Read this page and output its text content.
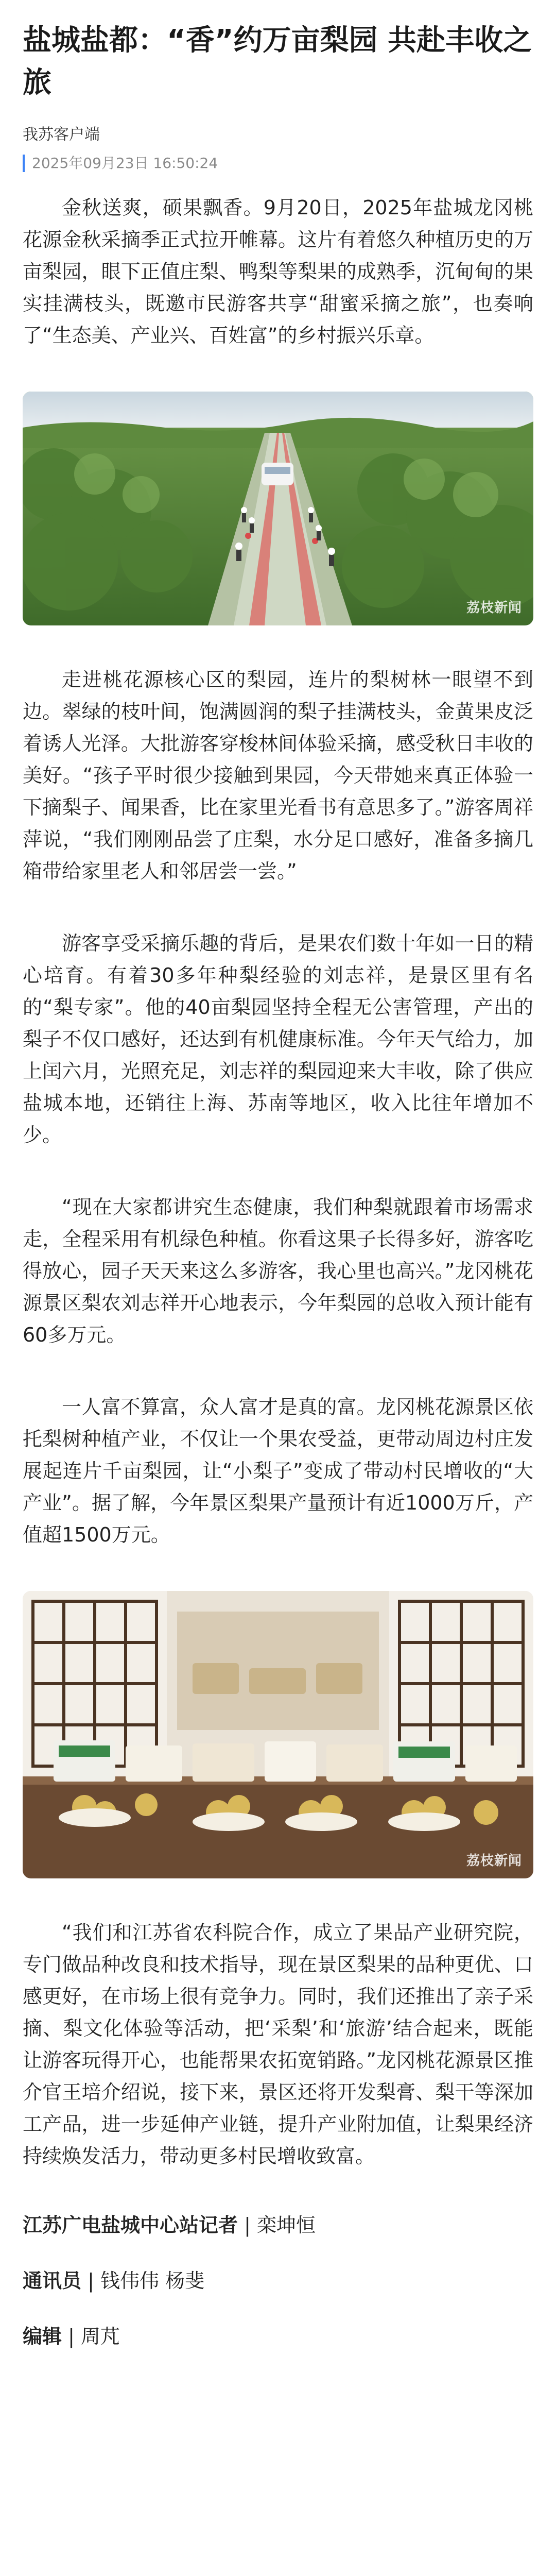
盐城盐都：“香”约万亩梨园 共赴丰收之旅
我苏客户端
2025年09月23日 16:50:24

金秋送爽，硕果飘香。9月20日，2025年盐城龙冈桃花源金秋采摘季正式拉开帷幕。这片有着悠久种植历史的万亩梨园，眼下正值庄梨、鸭梨等梨果的成熟季，沉甸甸的果实挂满枝头，既邀市民游客共享“甜蜜采摘之旅”，也奏响了“生态美、产业兴、百姓富”的乡村振兴乐章。

荔枝新闻

走进桃花源核心区的梨园，连片的梨树林一眼望不到边。翠绿的枝叶间，饱满圆润的梨子挂满枝头，金黄果皮泛着诱人光泽。大批游客穿梭林间体验采摘，感受秋日丰收的美好。“孩子平时很少接触到果园，今天带她来真正体验一下摘梨子、闻果香，比在家里光看书有意思多了。”游客周祥萍说，“我们刚刚品尝了庄梨，水分足口感好，准备多摘几箱带给家里老人和邻居尝一尝。”

游客享受采摘乐趣的背后，是果农们数十年如一日的精心培育。有着30多年种梨经验的刘志祥，是景区里有名的“梨专家”。他的40亩梨园坚持全程无公害管理，产出的梨子不仅口感好，还达到有机健康标准。今年天气给力，加上闰六月，光照充足，刘志祥的梨园迎来大丰收，除了供应盐城本地，还销往上海、苏南等地区，收入比往年增加不少。

“现在大家都讲究生态健康，我们种梨就跟着市场需求走，全程采用有机绿色种植。你看这果子长得多好，游客吃得放心，园子天天来这么多游客，我心里也高兴。”龙冈桃花源景区梨农刘志祥开心地表示，今年梨园的总收入预计能有60多万元。

一人富不算富，众人富才是真的富。龙冈桃花源景区依托梨树种植产业，不仅让一个果农受益，更带动周边村庄发展起连片千亩梨园，让“小梨子”变成了带动村民增收的“大产业”。据了解，今年景区梨果产量预计有近1000万斤，产值超1500万元。

荔枝新闻

“我们和江苏省农科院合作，成立了果品产业研究院，专门做品种改良和技术指导，现在景区梨果的品种更优、口感更好，在市场上很有竞争力。同时，我们还推出了亲子采摘、梨文化体验等活动，把‘采梨’和‘旅游’结合起来，既能让游客玩得开心，也能帮果农拓宽销路。”龙冈桃花源景区推介官王培介绍说，接下来，景区还将开发梨膏、梨干等深加工产品，进一步延伸产业链，提升产业附加值，让梨果经济持续焕发活力，带动更多村民增收致富。

江苏广电盐城中心站记者 | 栾坤恒
通讯员 | 钱伟伟 杨斐
编辑 | 周芃
